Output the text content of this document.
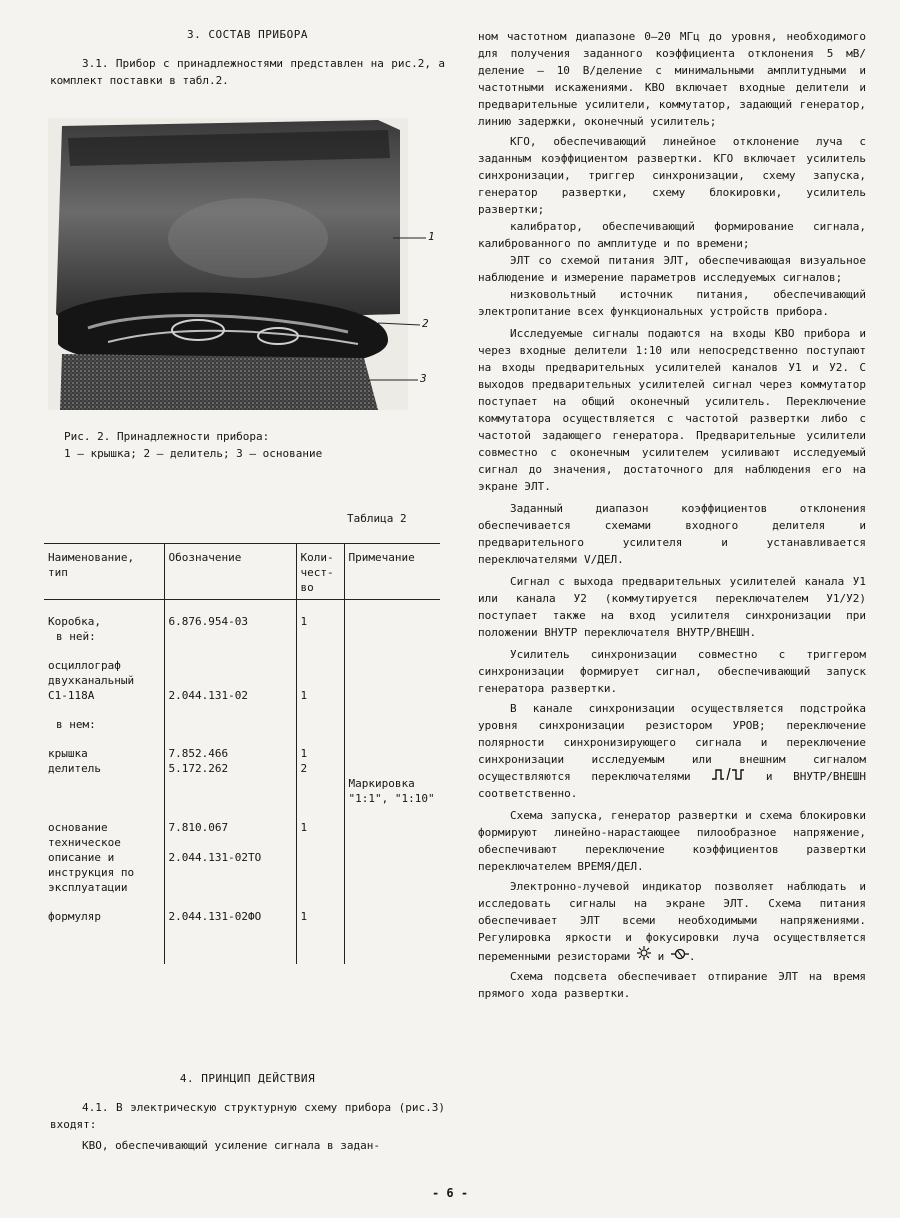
3. СОСТАВ ПРИБОРА

3.1. Прибор с принадлежностями представлен на рис.2, а комплект поставки в табл.2.

1
2
3
Рис. 2. Принадлежности прибора:
1 – крышка; 2 – делитель; 3 – основание
Таблица 2
Наименование, тип	Обозначение	Коли-чест-во	Примечание

Коробка,	6.876.954-03	1	
в ней:			

осциллограф двухканальный С1-118А	2.044.131-02	1	

в нем:			

крышка	7.852.466	1	
делитель	5.172.262	2	Маркировка "1:1", "1:10"

основание	7.810.067	1	
техническое описание и инструкция по эксплуатации	2.044.131-02ТО		

формуляр	2.044.131-02ФО	1	

4. ПРИНЦИП ДЕЙСТВИЯ

4.1. В электрическую структурную схему прибора (рис.3) входят:

КВО, обеспечивающий усиление сигнала в задан-

ном частотном диапазоне 0–20 МГц до уровня, необходимого для получения заданного коэффициента отклонения 5 мВ/деление – 10 В/деление с минимальными амплитудными и частотными искажениями. КВО включает входные делители и предварительные усилители, коммутатор, задающий генератор, линию задержки, оконечный усилитель;

КГО, обеспечивающий линейное отклонение луча с заданным коэффициентом развертки. КГО включает усилитель синхронизации, триггер синхронизации, схему запуска, генератор развертки, схему блокировки, усилитель развертки;

калибратор, обеспечивающий формирование сигнала, калиброванного по амплитуде и по времени;

ЭЛТ со схемой питания ЭЛТ, обеспечивающая визуальное наблюдение и измерение параметров исследуемых сигналов;

низковольтный источник питания, обеспечивающий электропитание всех функциональных устройств прибора.

Исследуемые сигналы подаются на входы КВО прибора и через входные делители 1:10 или непосредственно поступают на входы предварительных усилителей каналов У1 и У2. С выходов предварительных усилителей сигнал через коммутатор поступает на общий оконечный усилитель. Переключение коммутатора осуществляется с частотой развертки либо с частотой задающего генератора. Предварительные усилители совместно с оконечным усилителем усиливают исследуемый сигнал до значения, достаточного для наблюдения его на экране ЭЛТ.

Заданный диапазон коэффициентов отклонения обеспечивается схемами входного делителя и предварительного усилителя и устанавливается переключателями V/ДЕЛ.

Сигнал с выхода предварительных усилителей канала У1 или канала У2 (коммутируется переключателем У1/У2) поступает также на вход усилителя синхронизации при положении ВНУТР переключателя ВНУТР/ВНЕШН.

Усилитель синхронизации совместно с триггером синхронизации формирует сигнал, обеспечивающий запуск генератора развертки.

В канале синхронизации осуществляется подстройка уровня синхронизации резистором УРОВ; переключение полярности синхронизирующего сигнала и переключение синхронизации исследуемым или внешним сигналом осуществляются переключателями	и ВНУТР/ВНЕШН соответственно.

Схема запуска, генератор развертки и схема блокировки формируют линейно-нарастающее пилообразное напряжение, обеспечивают переключение коэффициентов развертки переключателем ВРЕМЯ/ДЕЛ.

Электронно-лучевой индикатор позволяет наблюдать и исследовать сигналы на экране ЭЛТ. Схема питания обеспечивает ЭЛТ всеми необходимыми напряжениями. Регулировка яркости и фокусировки луча осуществляется переменными резисторами и .

Схема подсвета обеспечивает отпирание ЭЛТ на время прямого хода развертки.

- 6 -
